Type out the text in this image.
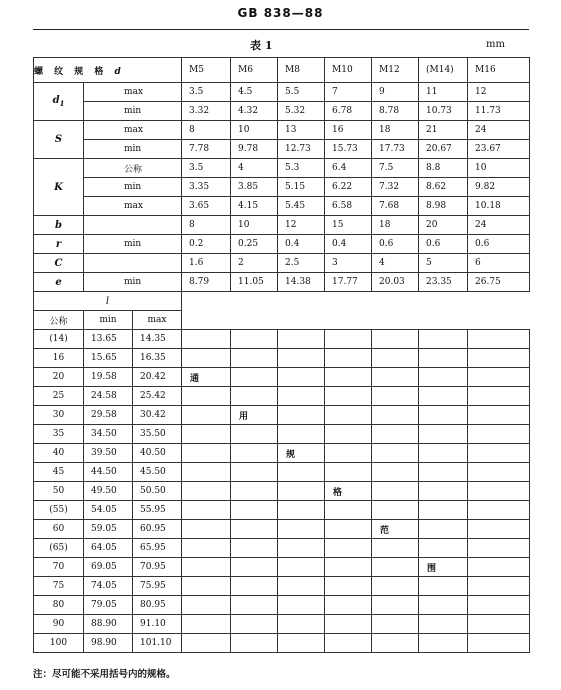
GB 838—88
表 1	mm
螺 纹 规 格 d			M5	M6	M8	M10	M12	(M14)	M16
$d_1$	max		3.5	4.5	5.5	7	9	11	12
	min		3.32	4.32	5.32	6.78	8.78	10.73	11.73
S	max		8	10	13	16	18	21	24
	min		7.78	9.78	12.73	15.73	17.73	20.67	23.67
K	公称		3.5	4	5.3	6.4	7.5	8.8	10
	min		3.35	3.85	5.15	6.22	7.32	8.62	9.82
	max		3.65	4.15	5.45	6.58	7.68	8.98	10.18
b			8	10	12	15	18	20	24
r	min		0.2	0.25	0.4	0.4	0.6	0.6	0.6
C			1.6	2	2.5	3	4	5	6
e	min		8.79	11.05	14.38	17.77	20.03	23.35	26.75
l									
公称	min	max							
(14)	13.65	14.35							
16	15.65	16.35							
20	19.58	20.42	通						
25	24.58	25.42							
30	29.58	30.42		用					
35	34.50	35.50							
40	39.50	40.50			规				
45	44.50	45.50							
50	49.50	50.50				格			
(55)	54.05	55.95							
60	59.05	60.95					范		
(65)	64.05	65.95							
70	69.05	70.95						围	
75	74.05	75.95							
80	79.05	80.95							
90	88.90	91.10							
100	98.90	101.10							
注：尽可能不采用括号内的规格。
